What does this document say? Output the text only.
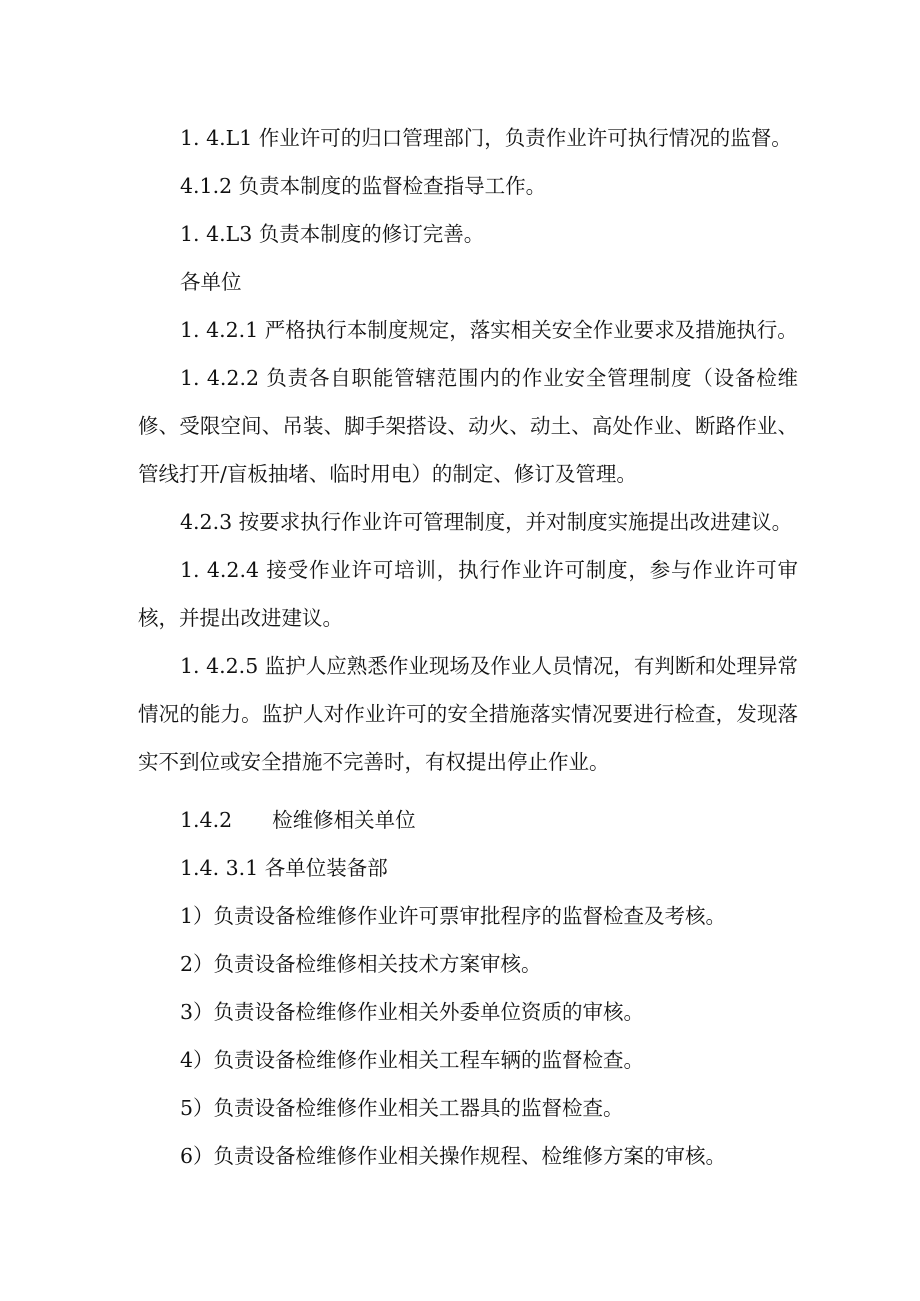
1. 4.L1 作业许可的归口管理部门，负责作业许可执行情况的监督。

4.1.2 负责本制度的监督检查指导工作。

1. 4.L3 负责本制度的修订完善。

各单位

1. 4.2.1 严格执行本制度规定，落实相关安全作业要求及措施执行。

1. 4.2.2 负责各自职能管辖范围内的作业安全管理制度（设备检维修、受限空间、吊装、脚手架搭设、动火、动土、高处作业、断路作业、管线打开/盲板抽堵、临时用电）的制定、修订及管理。

4.2.3 按要求执行作业许可管理制度，并对制度实施提出改进建议。

1. 4.2.4 接受作业许可培训，执行作业许可制度，参与作业许可审核，并提出改进建议。

1. 4.2.5 监护人应熟悉作业现场及作业人员情况，有判断和处理异常情况的能力。监护人对作业许可的安全措施落实情况要进行检查，发现落实不到位或安全措施不完善时，有权提出停止作业。

1.4.2 检维修相关单位

1.4. 3.1 各单位装备部

1）负责设备检维修作业许可票审批程序的监督检查及考核。

2）负责设备检维修相关技术方案审核。

3）负责设备检维修作业相关外委单位资质的审核。

4）负责设备检维修作业相关工程车辆的监督检查。

5）负责设备检维修作业相关工器具的监督检查。

6）负责设备检维修作业相关操作规程、检维修方案的审核。
